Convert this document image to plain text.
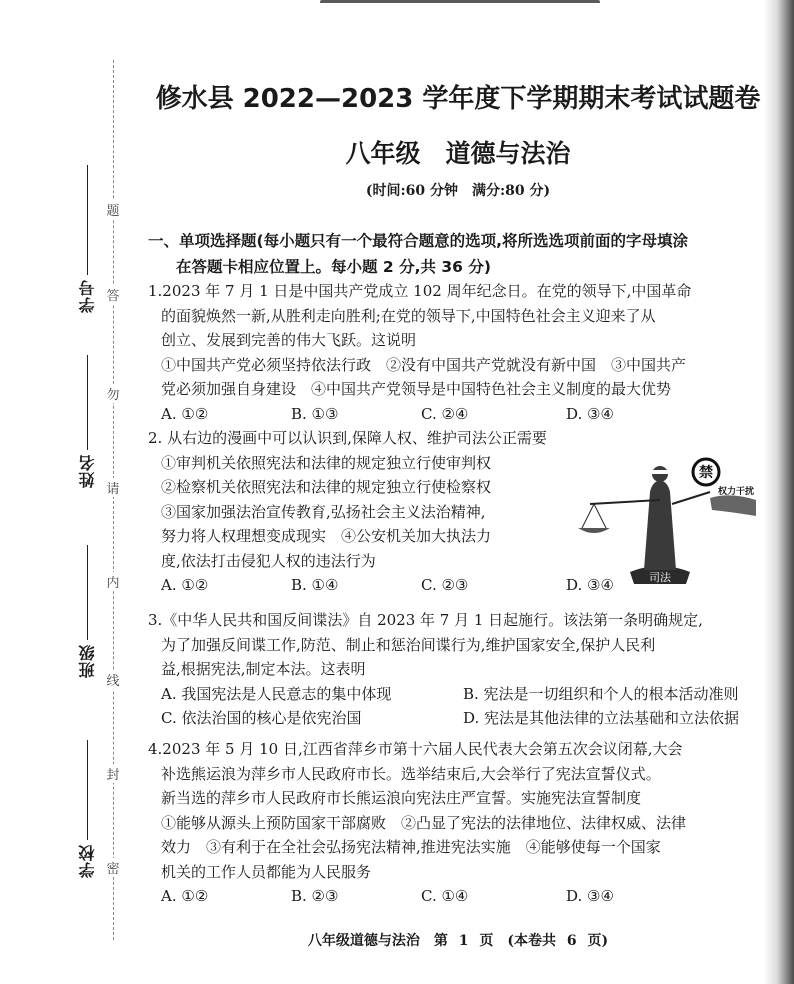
题
答
勿
请
内
线
封
密
学号
姓名
班级
学校
修水县 2022—2023 学年度下学期期末考试试题卷
八年级　道德与法治
(时间:60 分钟　满分:80 分)
一、单项选择题(每小题只有一个最符合题意的选项,将所选选项前面的字母填涂
在答题卡相应位置上。每小题 2 分,共 36 分)

1.2023 年 7 月 1 日是中国共产党成立 102 周年纪念日。在党的领导下,中国革命

的面貌焕然一新,从胜利走向胜利;在党的领导下,中国特色社会主义迎来了从

创立、发展到完善的伟大飞跃。这说明

①中国共产党必须坚持依法行政　②没有中国共产党就没有新中国　③中国共产

党必须加强自身建设　④中国共产党领导是中国特色社会主义制度的最大优势

A. ①②	B. ①③	C. ②④	D. ③④

2. 从右边的漫画中可以认识到,保障人权、维护司法公正需要

①审判机关依照宪法和法律的规定独立行使审判权

②检察机关依照宪法和法律的规定独立行使检察权

③国家加强法治宣传教育,弘扬社会主义法治精神,

努力将人权理想变成现实　④公安机关加大执法力

度,依法打击侵犯人权的违法行为

A. ①②	B. ①④	C. ②③	D. ③④	司法
禁
权力干扰

3.《中华人民共和国反间谍法》自 2023 年 7 月 1 日起施行。该法第一条明确规定,

为了加强反间谍工作,防范、制止和惩治间谍行为,维护国家安全,保护人民利

益,根据宪法,制定本法。这表明

A. 我国宪法是人民意志的集中体现	B. 宪法是一切组织和个人的根本活动准则
C. 依法治国的核心是依宪治国	D. 宪法是其他法律的立法基础和立法依据

4.2023 年 5 月 10 日,江西省萍乡市第十六届人民代表大会第五次会议闭幕,大会

补选熊运浪为萍乡市人民政府市长。选举结束后,大会举行了宪法宣誓仪式。

新当选的萍乡市人民政府市长熊运浪向宪法庄严宣誓。实施宪法宣誓制度

①能够从源头上预防国家干部腐败　②凸显了宪法的法律地位、法律权威、法律

效力　③有利于在全社会弘扬宪法精神,推进宪法实施　④能够使每一个国家

机关的工作人员都能为人民服务

A. ①②	B. ②③	C. ①④	D. ③④
八年级道德与法治　第 1 页　(本卷共 6 页)
